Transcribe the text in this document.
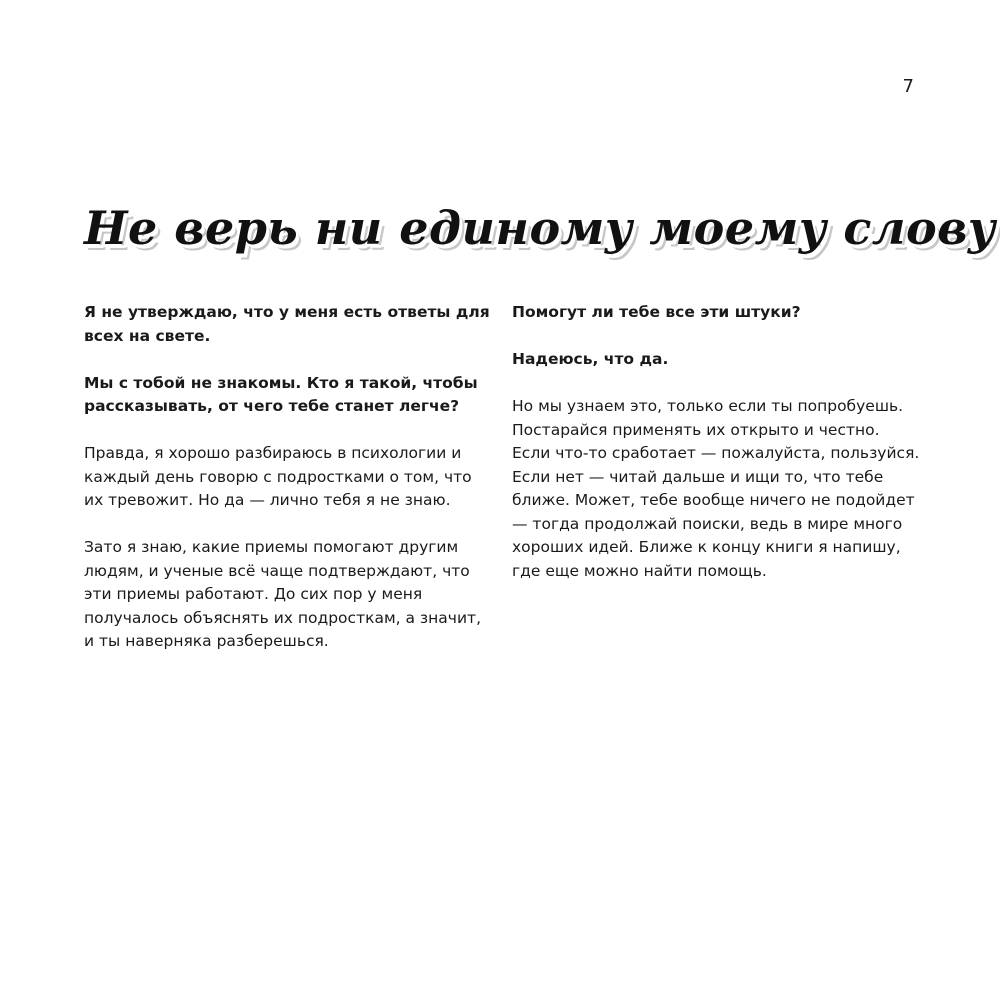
7
Не верь ни единому моему слову

Я не утверждаю, что у меня есть ответы для всех на свете.

Мы с тобой не знакомы. Кто я такой, чтобы рассказывать, от чего тебе станет легче?

Правда, я хорошо разбираюсь в психологии и каждый день говорю с подростками о том, что их тревожит. Но да — лично тебя я не знаю.

Зато я знаю, какие приемы помогают другим людям, и ученые всё чаще подтверждают, что эти приемы работают. До сих пор у меня получалось объяснять их подросткам, а значит, и ты наверняка разберешься.

Помогут ли тебе все эти штуки?

Надеюсь, что да.

Но мы узнаем это, только если ты попробуешь. Постарайся применять их открыто и честно. Если что-то сработает — пожалуйста, пользуйся. Если нет — читай дальше и ищи то, что тебе ближе. Может, тебе вообще ничего не подойдет — тогда продолжай поиски, ведь в мире много хороших идей. Ближе к концу книги я напишу, где еще можно найти помощь.
